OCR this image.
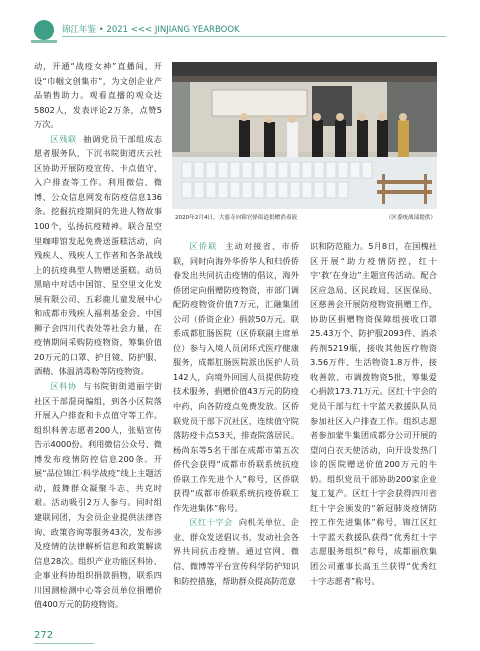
锦江年鉴 • 2021 <<< JINJIANG YEARBOOK

动，开通“战疫女神”直播间，开设“巾帼文创集市”，为文创企业产品销售助力。观看直播的观众达5802人，发表评论2万条，点赞5万次。

区残联 抽调党员干部组成志愿者服务队，下沉书院街道庆云社区协助开展防疫宣传、卡点值守、入户排查等工作。利用微信、微博、公众信息网发布防疫信息136条。挖掘抗疫期间的先进人物故事100个，弘扬抗疫精神。联合星空里咖啡馆发起免费送蛋糕活动，向残疾人、残疾人工作者和各条战线上的抗疫典型人物赠送蛋糕。动员黑暗中对话中国馆、星空里文化发展有限公司、五彩鹿儿童发展中心和成都市残疾人福利基金会、中国狮子会四川代表处等社会力量，在疫情期间采购防疫物资，筹集价值20万元的口罩、护目镜、防护服、酒精、体温消毒粉等防疫物资。

区科协 与书院街街道丽字街社区干部混岗编组，到各小区院落开展入户排查和卡点值守等工作。组织科普志愿者200人，张贴宣传告示4000份。利用微信公众号、微博发布疫情防控信息200条。开展“品位锦江·科学战疫”线上主题活动，鼓舞群众凝聚斗志、共克时艰。活动吸引2万人参与。同时组建联同团，为会员企业提供法律咨询、政策咨询等服务43次，发布涉及疫情的法律解析信息和政策解读信息28次。组织产业功能区科协、企事业科协组织捐款捐物，联系四川国测检测中心等会员单位捐赠价值400万元的防疫物资。

2020年2月4日，大慈寺向锦官驿街道捐赠消毒液	（区委统战部提供）

区侨联 主动对接省、市侨联，同时向海外华侨华人和归侨侨眷发出共同抗击疫情的倡议，海外侨团定向捐赠防疫物资，市部门调配防疫物资价值7万元，汇融集团公司（侨资企业）捐款50万元。联系成都肛肠医院（区侨联副主席单位）参与入境人员闭环式医疗健康服务，成都肛肠医院派出医护人员142人，向境外回国人员提供防疫技术服务，捐赠价值43万元的防疫中药，向各防疫点免费发放。区侨联党员干部下沉社区，连续值守院落防疫卡点53天，排查院落居民。杨尚东等5名干部在成都市第五次侨代会获得“成都市侨联系统抗疫侨联工作先进个人”称号，区侨联获得“成都市侨联系统抗疫侨联工作先进集体”称号。

区红十字会 向机关单位、企业、群众发送倡议书，发动社会各界共同抗击疫情。通过官网、微信、微博等平台宣传科学防护知识和防控措施，帮助群众提高防范意

识和防范能力。5月8日，在国槐社区开展“助力疫情防控，红十字‘救’在身边”主题宣传活动。配合区应急局、区民政局、区医保局、区慈善会开展防疫物资捐赠工作，协助区捐赠物资保障组接收口罩25.43万个、防护服2093件、消杀药剂5219瓶，接收其他医疗物资3.56万件、生活物资1.8万件，接收善款、市调拨物资5批，筹集爱心捐款173.71万元。区红十字会的党员干部与红十字蓝天救援队队员参加社区入户排查工作。组织志愿者参加蒙牛集团成都分公司开展的望问白衣天使活动，向开设发热门诊的医院赠送价值200万元的牛奶。组织党员干部协助200家企业复工复产。区红十字会获得四川省红十字会颁发的“新冠肺炎疫情防控工作先进集体”称号，锦江区红十字蓝天救援队获得“优秀红十字志愿服务组织”称号，成都丽欣集团公司董事长高玉兰获得“优秀红十字志愿者”称号。

272
